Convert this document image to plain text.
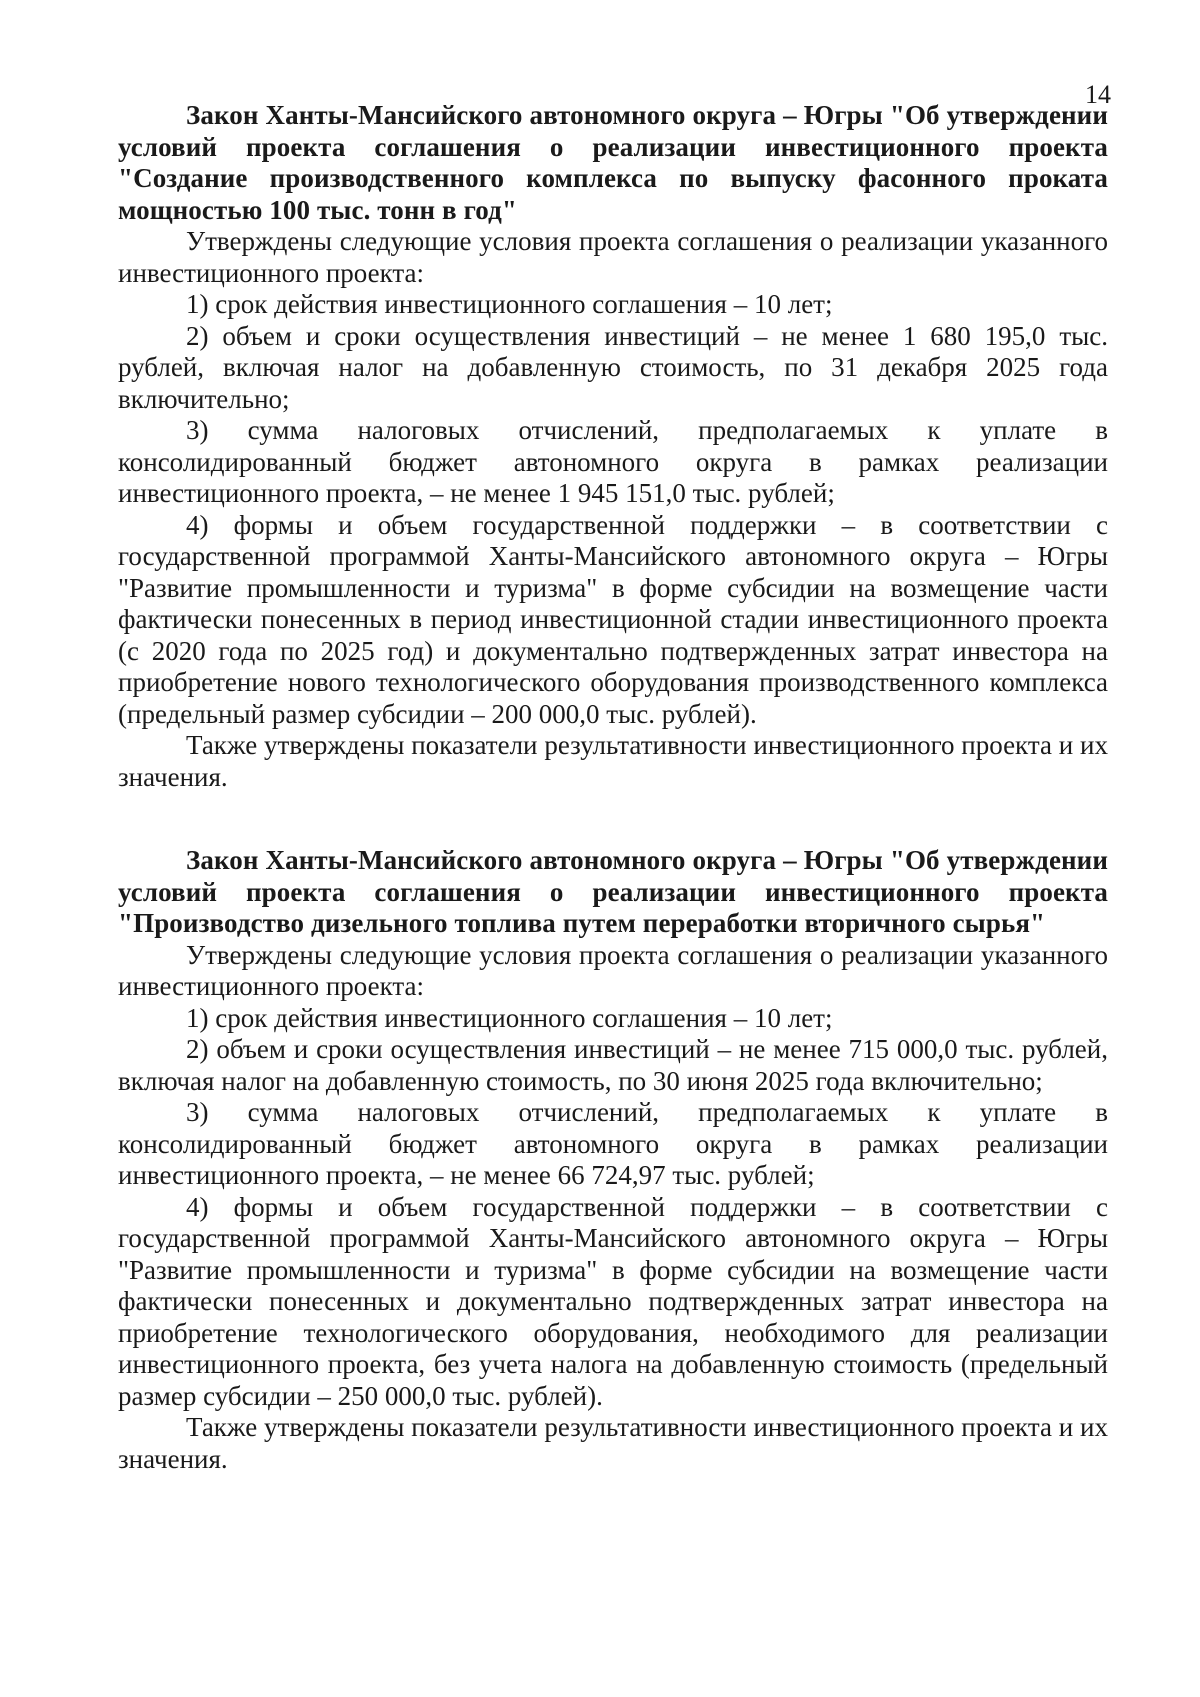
14

Закон Ханты-Мансийского автономного округа – Югры "Об утверждении условий проекта соглашения о реализации инвестиционного проекта "Создание производственного комплекса по выпуску фасонного проката мощностью 100 тыс. тонн в год"

Утверждены следующие условия проекта соглашения о реализации указанного инвестиционного проекта:

1) срок действия инвестиционного соглашения – 10 лет;

2) объем и сроки осуществления инвестиций – не менее 1 680 195,0 тыс. рублей, включая налог на добавленную стоимость, по 31 декабря 2025 года включительно;

3) сумма налоговых отчислений, предполагаемых к уплате в консолидированный бюджет автономного округа в рамках реализации инвестиционного проекта, – не менее 1 945 151,0 тыс. рублей;

4) формы и объем государственной поддержки – в соответствии с государственной программой Ханты-Мансийского автономного округа – Югры "Развитие промышленности и туризма" в форме субсидии на возмещение части фактически понесенных в период инвестиционной стадии инвестиционного проекта (с 2020 года по 2025 год) и документально подтвержденных затрат инвестора на приобретение нового технологического оборудования производственного комплекса (предельный размер субсидии – 200 000,0 тыс. рублей).

Также утверждены показатели результативности инвестиционного проекта и их значения.

Закон Ханты-Мансийского автономного округа – Югры "Об утверждении условий проекта соглашения о реализации инвестиционного проекта "Производство дизельного топлива путем переработки вторичного сырья"

Утверждены следующие условия проекта соглашения о реализации указанного инвестиционного проекта:

1) срок действия инвестиционного соглашения – 10 лет;

2) объем и сроки осуществления инвестиций – не менее 715 000,0 тыс. рублей, включая налог на добавленную стоимость, по 30 июня 2025 года включительно;

3) сумма налоговых отчислений, предполагаемых к уплате в консолидированный бюджет автономного округа в рамках реализации инвестиционного проекта, – не менее 66 724,97 тыс. рублей;

4) формы и объем государственной поддержки – в соответствии с государственной программой Ханты-Мансийского автономного округа – Югры "Развитие промышленности и туризма" в форме субсидии на возмещение части фактически понесенных и документально подтвержденных затрат инвестора на приобретение технологического оборудования, необходимого для реализации инвестиционного проекта, без учета налога на добавленную стоимость (предельный размер субсидии – 250 000,0 тыс. рублей).

Также утверждены показатели результативности инвестиционного проекта и их значения.
